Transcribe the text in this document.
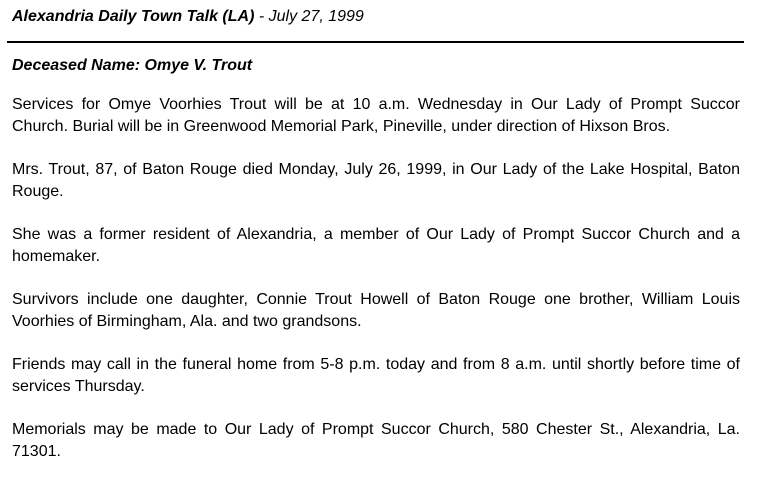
Alexandria Daily Town Talk (LA) - July 27, 1999
Deceased Name: Omye V. Trout

Services for Omye Voorhies Trout will be at 10 a.m. Wednesday in Our Lady of Prompt Succor Church. Burial will be in Greenwood Memorial Park, Pineville, under direction of Hixson Bros.

Mrs. Trout, 87, of Baton Rouge died Monday, July 26, 1999, in Our Lady of the Lake Hospital, Baton Rouge.

She was a former resident of Alexandria, a member of Our Lady of Prompt Succor Church and a homemaker.

Survivors include one daughter, Connie Trout Howell of Baton Rouge one brother, William Louis Voorhies of Birmingham, Ala. and two grandsons.

Friends may call in the funeral home from 5-8 p.m. today and from 8 a.m. until shortly before time of services Thursday.

Memorials may be made to Our Lady of Prompt Succor Church, 580 Chester St., Alexandria, La. 71301.
